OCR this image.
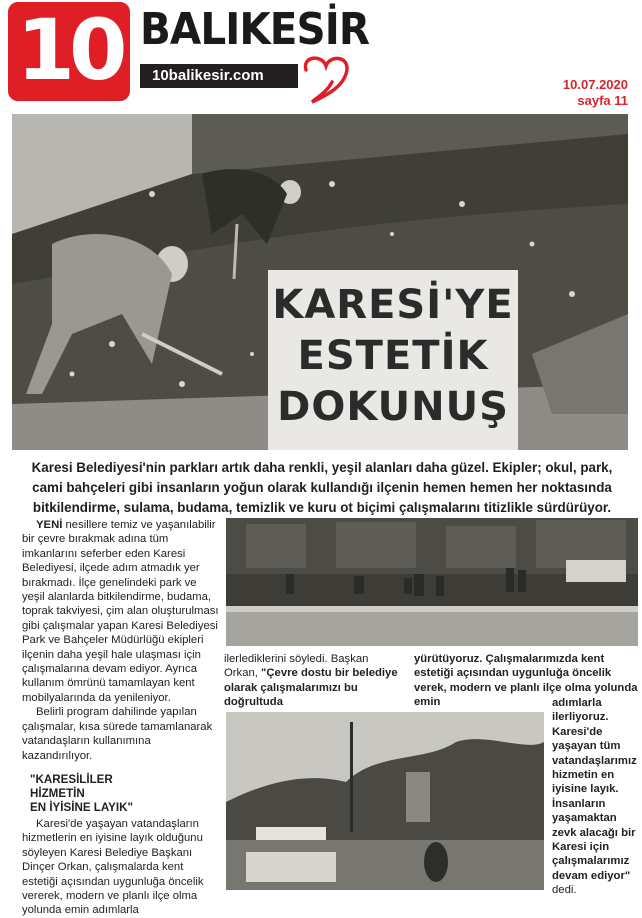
10 BALIKESİR
10balikesir.com
10.07.2020
sayfa 11
KARESİ'YE
ESTETİK
DOKUNUŞ
Karesi Belediyesi'nin parkları artık daha renkli, yeşil alanları daha güzel. Ekipler; okul, park, cami bahçeleri gibi insanların yoğun olarak kullandığı ilçenin hemen hemen her noktasında bitkilendirme, sulama, budama, temizlik ve kuru ot biçimi çalışmalarını titizlikle sürdürüyor.

YENİ nesillere temiz ve yaşanılabilir bir çevre bırakmak adına tüm imkanlarını seferber eden Karesi Belediyesi, ilçede adım atmadık yer bırakmadı. İlçe genelindeki park ve yeşil alanlarda bitkilendirme, budama, toprak takviyesi, çim alan oluşturulması gibi çalışmalar yapan Karesi Belediyesi Park ve Bahçeler Müdürlüğü ekipleri ilçenin daha yeşil hale ulaşması için çalışmalarına devam ediyor. Ayrıca kullanım ömrünü tamamlayan kent mobilyalarında da yenileniyor.

Belirli program dahilinde yapılan çalışmalar, kısa sürede tamamlanarak vatandaşların kullanımına kazandırılıyor.

"KARESİLİLER
HİZMETİN
EN İYİSİNE LAYIK"

Karesi'de yaşayan vatandaşların hizmetlerin en iyisine layık olduğunu söyleyen Karesi Belediye Başkanı Dinçer Orkan, çalışmalarda kent estetiği açısından uygunluğa öncelik vererek, modern ve planlı ilçe olma yolunda emin adımlarla

ilerlediklerini söyledi. Başkan Orkan, "Çevre dostu bir belediye olarak çalışmalarımızı bu doğrultuda
yürütüyoruz. Çalışmalarımızda kent estetiği açısından uygunluğa öncelik verek, modern ve planlı ilçe olma yolunda emin	adımlarla ilerliyoruz. Karesi'de yaşayan tüm vatandaşlarımız hizmetin en iyisine layık. İnsanların yaşamaktan zevk alacağı bir Karesi için çalışmalarımız devam ediyor" dedi.
